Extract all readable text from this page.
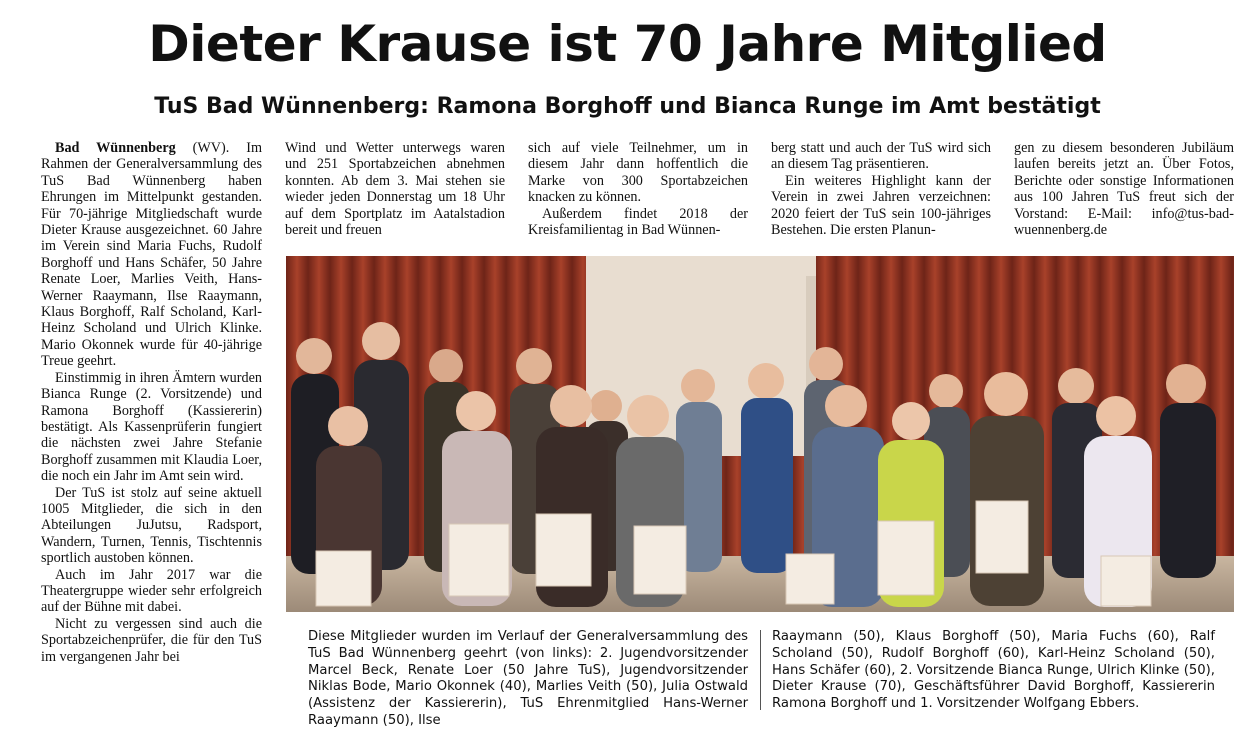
Dieter Krause ist 70 Jahre Mitglied
TuS Bad Wünnenberg: Ramona Borghoff und Bianca Runge im Amt bestätigt

Bad Wünnenberg (WV). Im Rahmen der Generalversammlung des TuS Bad Wünnenberg haben Ehrungen im Mittelpunkt gestanden. Für 70-jährige Mitgliedschaft wurde Dieter Krause ausgezeichnet. 60 Jahre im Verein sind Maria Fuchs, Rudolf Borghoff und Hans Schäfer, 50 Jahre Renate Loer, Marlies Veith, Hans-Werner Raaymann, Ilse Raaymann, Klaus Borghoff, Ralf Scholand, Karl-Heinz Scholand und Ulrich Klinke. Mario Okonnek wurde für 40-jährige Treue geehrt.

Einstimmig in ihren Ämtern wurden Bianca Runge (2. Vorsitzende) und Ramona Borghoff (Kassiererin) bestätigt. Als Kassenprüferin fungiert die nächsten zwei Jahre Stefanie Borghoff zusammen mit Klaudia Loer, die noch ein Jahr im Amt sein wird.

Der TuS ist stolz auf seine aktuell 1005 Mitglieder, die sich in den Abteilungen JuJutsu, Radsport, Wandern, Turnen, Tennis, Tischtennis sportlich austoben können.

Auch im Jahr 2017 war die Theatergruppe wieder sehr erfolgreich auf der Bühne mit dabei.

Nicht zu vergessen sind auch die Sportabzeichenprüfer, die für den TuS im vergangenen Jahr bei

Wind und Wetter unterwegs waren und 251 Sportabzeichen abnehmen konnten. Ab dem 3. Mai stehen sie wieder jeden Donnerstag um 18 Uhr auf dem Sportplatz im Aatalstadion bereit und freuen

sich auf viele Teilnehmer, um in diesem Jahr dann hoffentlich die Marke von 300 Sportabzeichen knacken zu können.

Außerdem findet 2018 der Kreisfamilientag in Bad Wünnen-

berg statt und auch der TuS wird sich an diesem Tag präsentieren.

Ein weiteres Highlight kann der Verein in zwei Jahren verzeichnen: 2020 feiert der TuS sein 100-jähriges Bestehen. Die ersten Planun-

gen zu diesem besonderen Jubiläum laufen bereits jetzt an. Über Fotos, Berichte oder sonstige Informationen aus 100 Jahren TuS freut sich der Vorstand: E-Mail: info@tus-bad-wuennenberg.de

Diese Mitglieder wurden im Verlauf der Generalversammlung des TuS Bad Wünnenberg geehrt (von links): 2. Jugendvorsitzender Marcel Beck, Renate Loer (50 Jahre TuS), Jugendvorsitzender Niklas Bode, Mario Okonnek (40), Marlies Veith (50), Julia Ostwald (Assistenz der Kassiererin), TuS Ehrenmitglied Hans-Werner Raaymann (50), Ilse
Raaymann (50), Klaus Borghoff (50), Maria Fuchs (60), Ralf Scholand (50), Rudolf Borghoff (60), Karl-Heinz Scholand (50), Hans Schäfer (60), 2. Vorsitzende Bianca Runge, Ulrich Klinke (50), Dieter Krause (70), Geschäftsführer David Borghoff, Kassiererin Ramona Borghoff und 1. Vorsitzender Wolfgang Ebbers.
